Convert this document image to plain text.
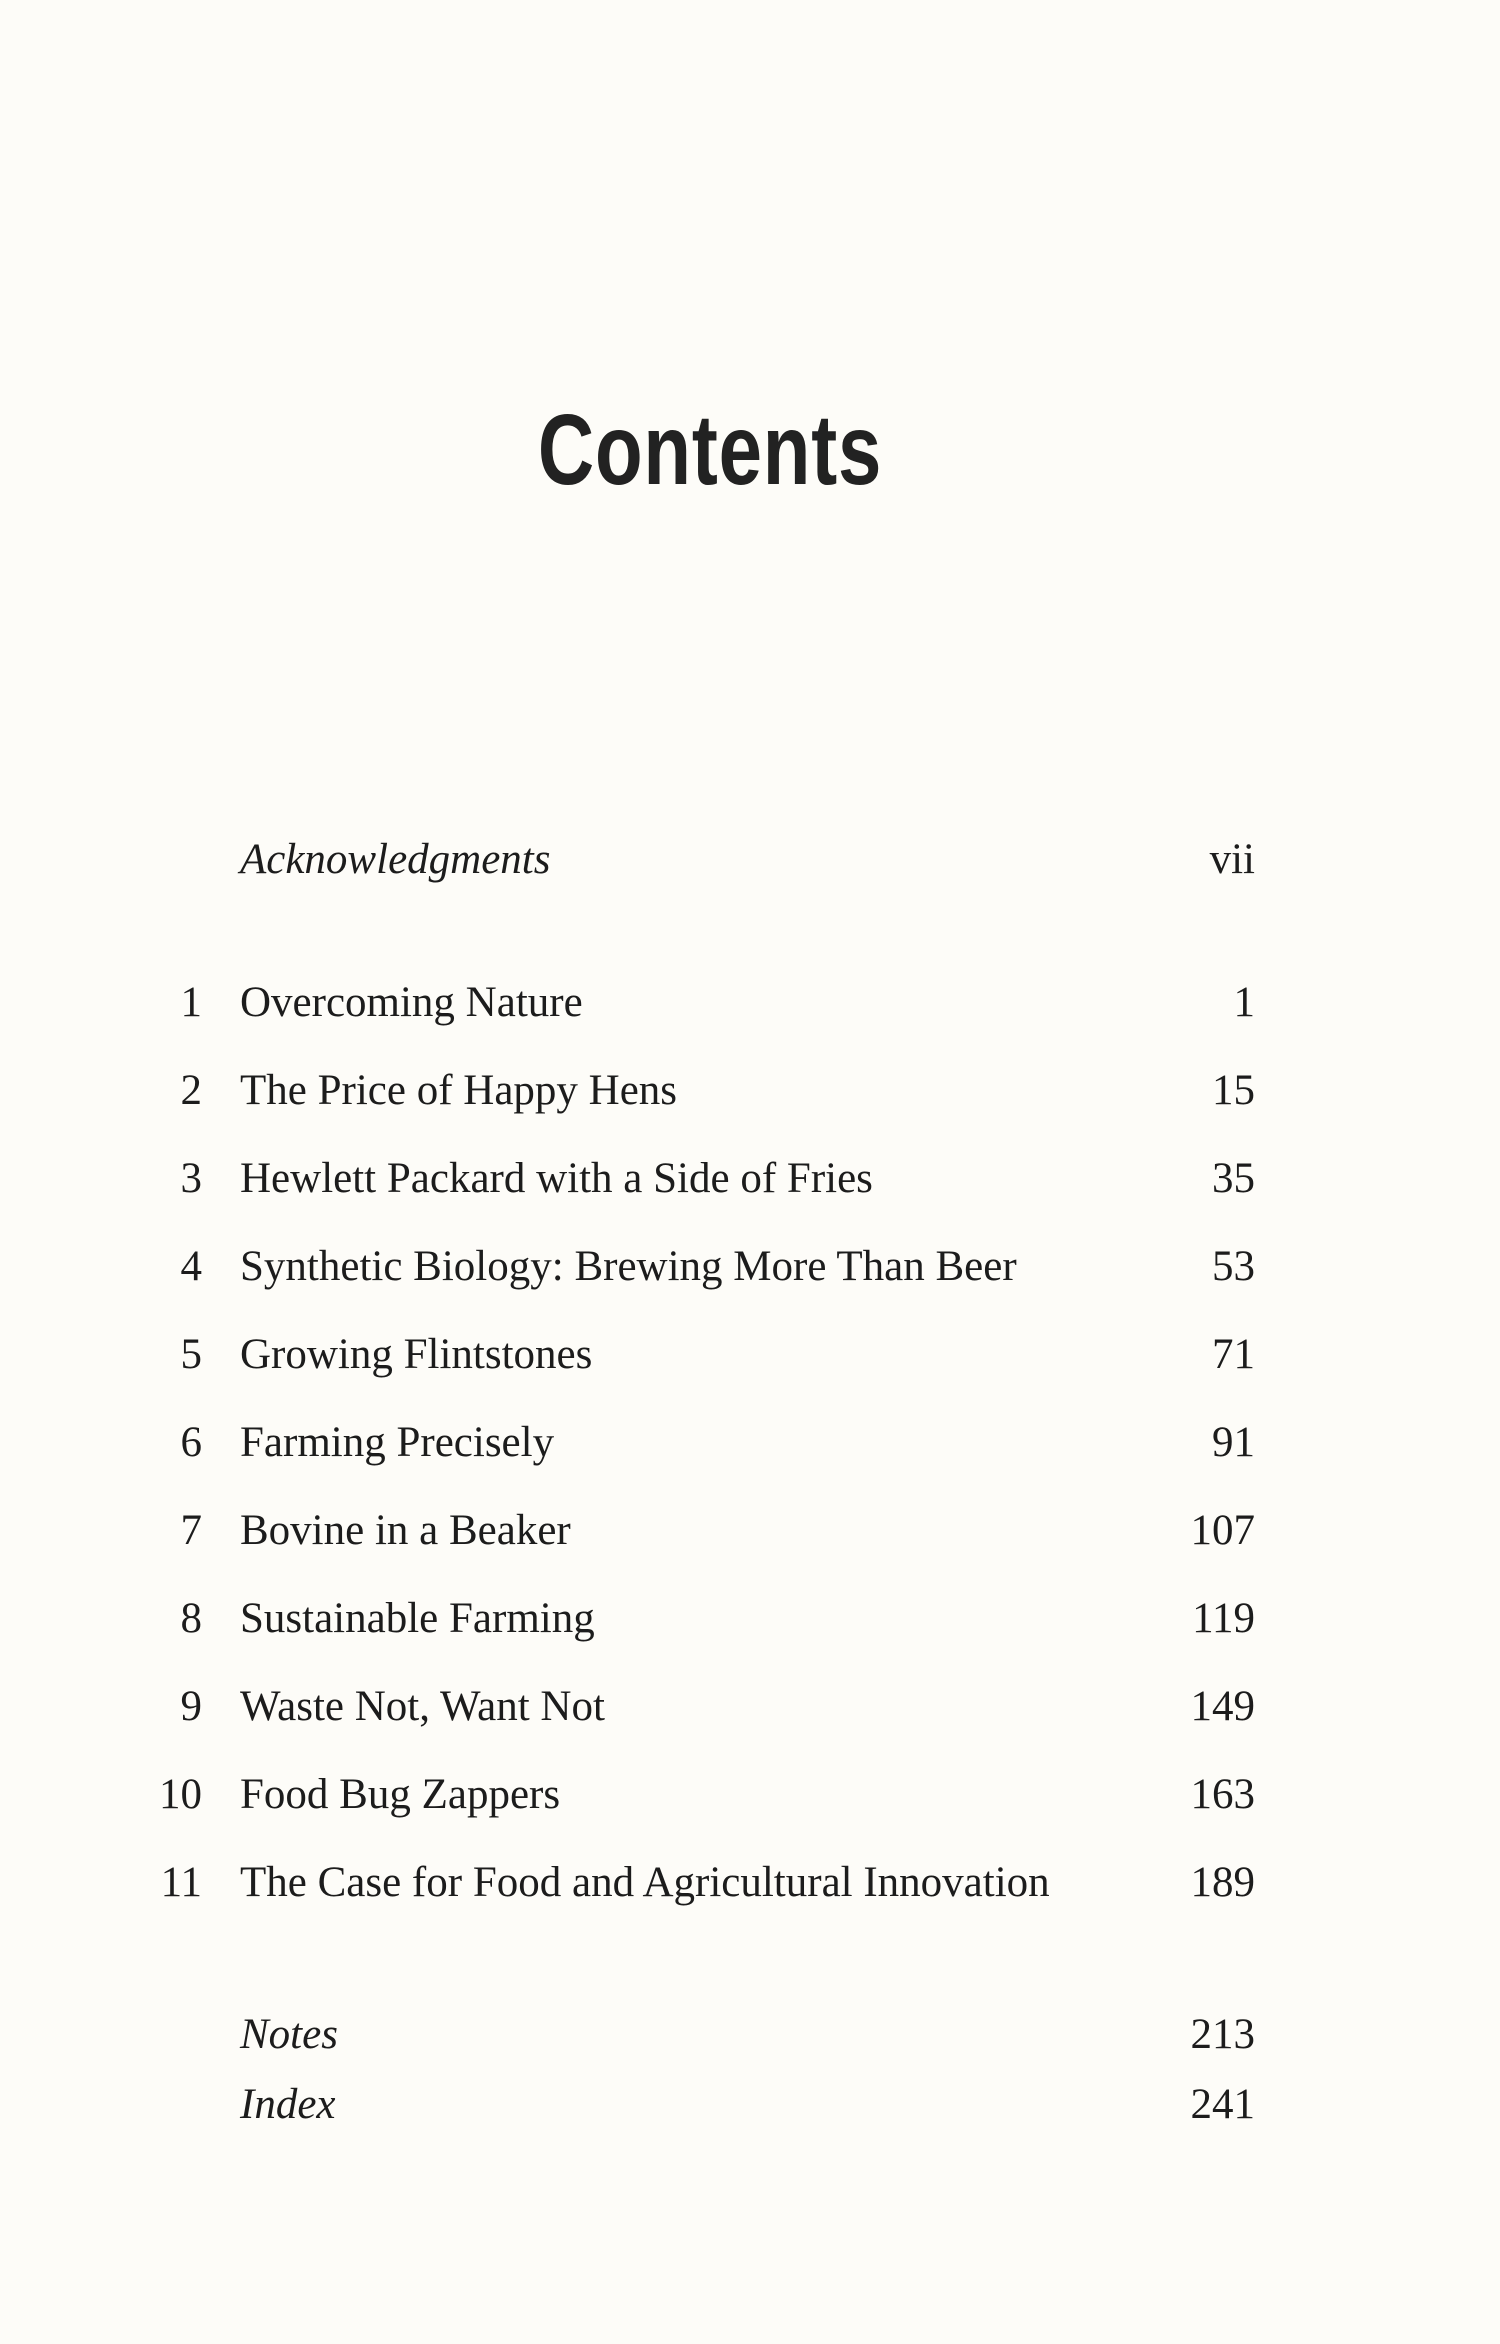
Contents
Acknowledgments	vii
1 Overcoming Nature	1
2 The Price of Happy Hens	15
3 Hewlett Packard with a Side of Fries	35
4 Synthetic Biology: Brewing More Than Beer	53
5 Growing Flintstones	71
6 Farming Precisely	91
7 Bovine in a Beaker	107
8 Sustainable Farming	119
9 Waste Not, Want Not	149
10 Food Bug Zappers	163
11 The Case for Food and Agricultural Innovation	189
Notes	213
Index	241
